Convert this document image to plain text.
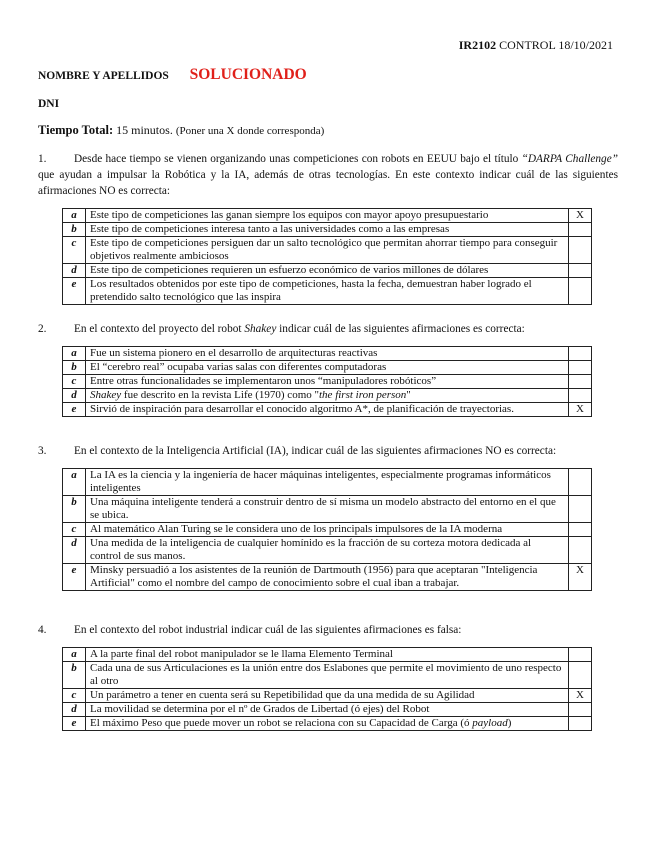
IR2102 CONTROL 18/10/2021
NOMBRE Y APELLIDOS SOLUCIONADO
DNI
Tiempo Total: 15 minutos. (Poner una X donde corresponda)
1. Desde hace tiempo se vienen organizando unas competiciones con robots en EEUU bajo el título “DARPA Challenge” que ayudan a impulsar la Robótica y la IA, además de otras tecnologías. En este contexto indicar cuál de las siguientes afirmaciones NO es correcta:
a	Este tipo de competiciones las ganan siempre los equipos con mayor apoyo presupuestario	X
b	Este tipo de competiciones interesa tanto a las universidades como a las empresas	
c	Este tipo de competiciones persiguen dar un salto tecnológico que permitan ahorrar tiempo para conseguir objetivos realmente ambiciosos	
d	Este tipo de competiciones requieren un esfuerzo económico de varios millones de dólares	
e	Los resultados obtenidos por este tipo de competiciones, hasta la fecha, demuestran haber logrado el pretendido salto tecnológico que las inspira	
2. En el contexto del proyecto del robot Shakey indicar cuál de las siguientes afirmaciones es correcta:
a	Fue un sistema pionero en el desarrollo de arquitecturas reactivas	
b	El “cerebro real” ocupaba varias salas con diferentes computadoras	
c	Entre otras funcionalidades se implementaron unos “manipuladores robóticos”	
d	Shakey fue descrito en la revista Life (1970) como "the first iron person"	
e	Sirvió de inspiración para desarrollar el conocido algoritmo A*, de planificación de trayectorias.	X
3. En el contexto de la Inteligencia Artificial (IA), indicar cuál de las siguientes afirmaciones NO es correcta:
a	La IA es la ciencia y la ingeniería de hacer máquinas inteligentes, especialmente programas informáticos inteligentes	
b	Una máquina inteligente tenderá a construir dentro de sí misma un modelo abstracto del entorno en el que se ubica.	
c	Al matemático Alan Turing se le considera uno de los principals impulsores de la IA moderna	
d	Una medida de la inteligencia de cualquier homínido es la fracción de su corteza motora dedicada al control de sus manos.	
e	Minsky persuadió a los asistentes de la reunión de Dartmouth (1956) para que aceptaran "Inteligencia Artificial" como el nombre del campo de conocimiento sobre el cual iban a trabajar.	X
4. En el contexto del robot industrial indicar cuál de las siguientes afirmaciones es falsa:
a	A la parte final del robot manipulador se le llama Elemento Terminal	
b	Cada una de sus Articulaciones es la unión entre dos Eslabones que permite el movimiento de uno respecto al otro	
c	Un parámetro a tener en cuenta será su Repetibilidad que da una medida de su Agilidad	X
d	La movilidad se determina por el nº de Grados de Libertad (ó ejes) del Robot	
e	El máximo Peso que puede mover un robot se relaciona con su Capacidad de Carga (ó payload)	
